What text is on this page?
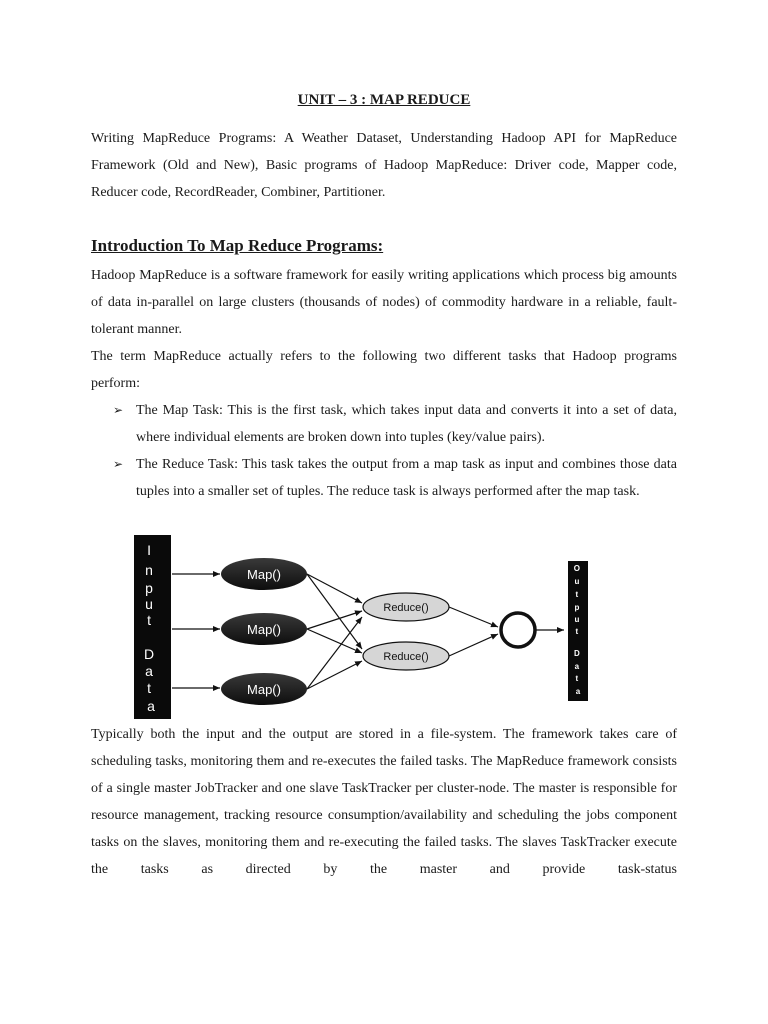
UNIT – 3 : MAP REDUCE
Writing MapReduce Programs: A Weather Dataset, Understanding Hadoop API for MapReduce Framework (Old and New), Basic programs of Hadoop MapReduce: Driver code, Mapper code, Reducer code, RecordReader, Combiner, Partitioner.
Introduction To Map Reduce Programs:
Hadoop MapReduce is a software framework for easily writing applications which process big amounts of data in-parallel on large clusters (thousands of nodes) of commodity hardware in a reliable, fault-tolerant manner.
The term MapReduce actually refers to the following two different tasks that Hadoop programs perform:
➢ The Map Task: This is the first task, which takes input data and converts it into a set of data, where individual elements are broken down into tuples (key/value pairs).
➢ The Reduce Task: This task takes the output from a map task as input and combines those data tuples into a smaller set of tuples. The reduce task is always performed after the map task.
I n p u t D a t a
Map()
Map()
Map()
Reduce()
Reduce()
O u t p u t D a t a
Typically both the input and the output are stored in a file-system. The framework takes care of scheduling tasks, monitoring them and re-executes the failed tasks. The MapReduce framework consists of a single master JobTracker and one slave TaskTracker per cluster-node. The master is responsible for resource management, tracking resource consumption/availability and scheduling the jobs component tasks on the slaves, monitoring them and re-executing the failed tasks. The slaves TaskTracker execute the tasks as directed by the master and provide task-status
